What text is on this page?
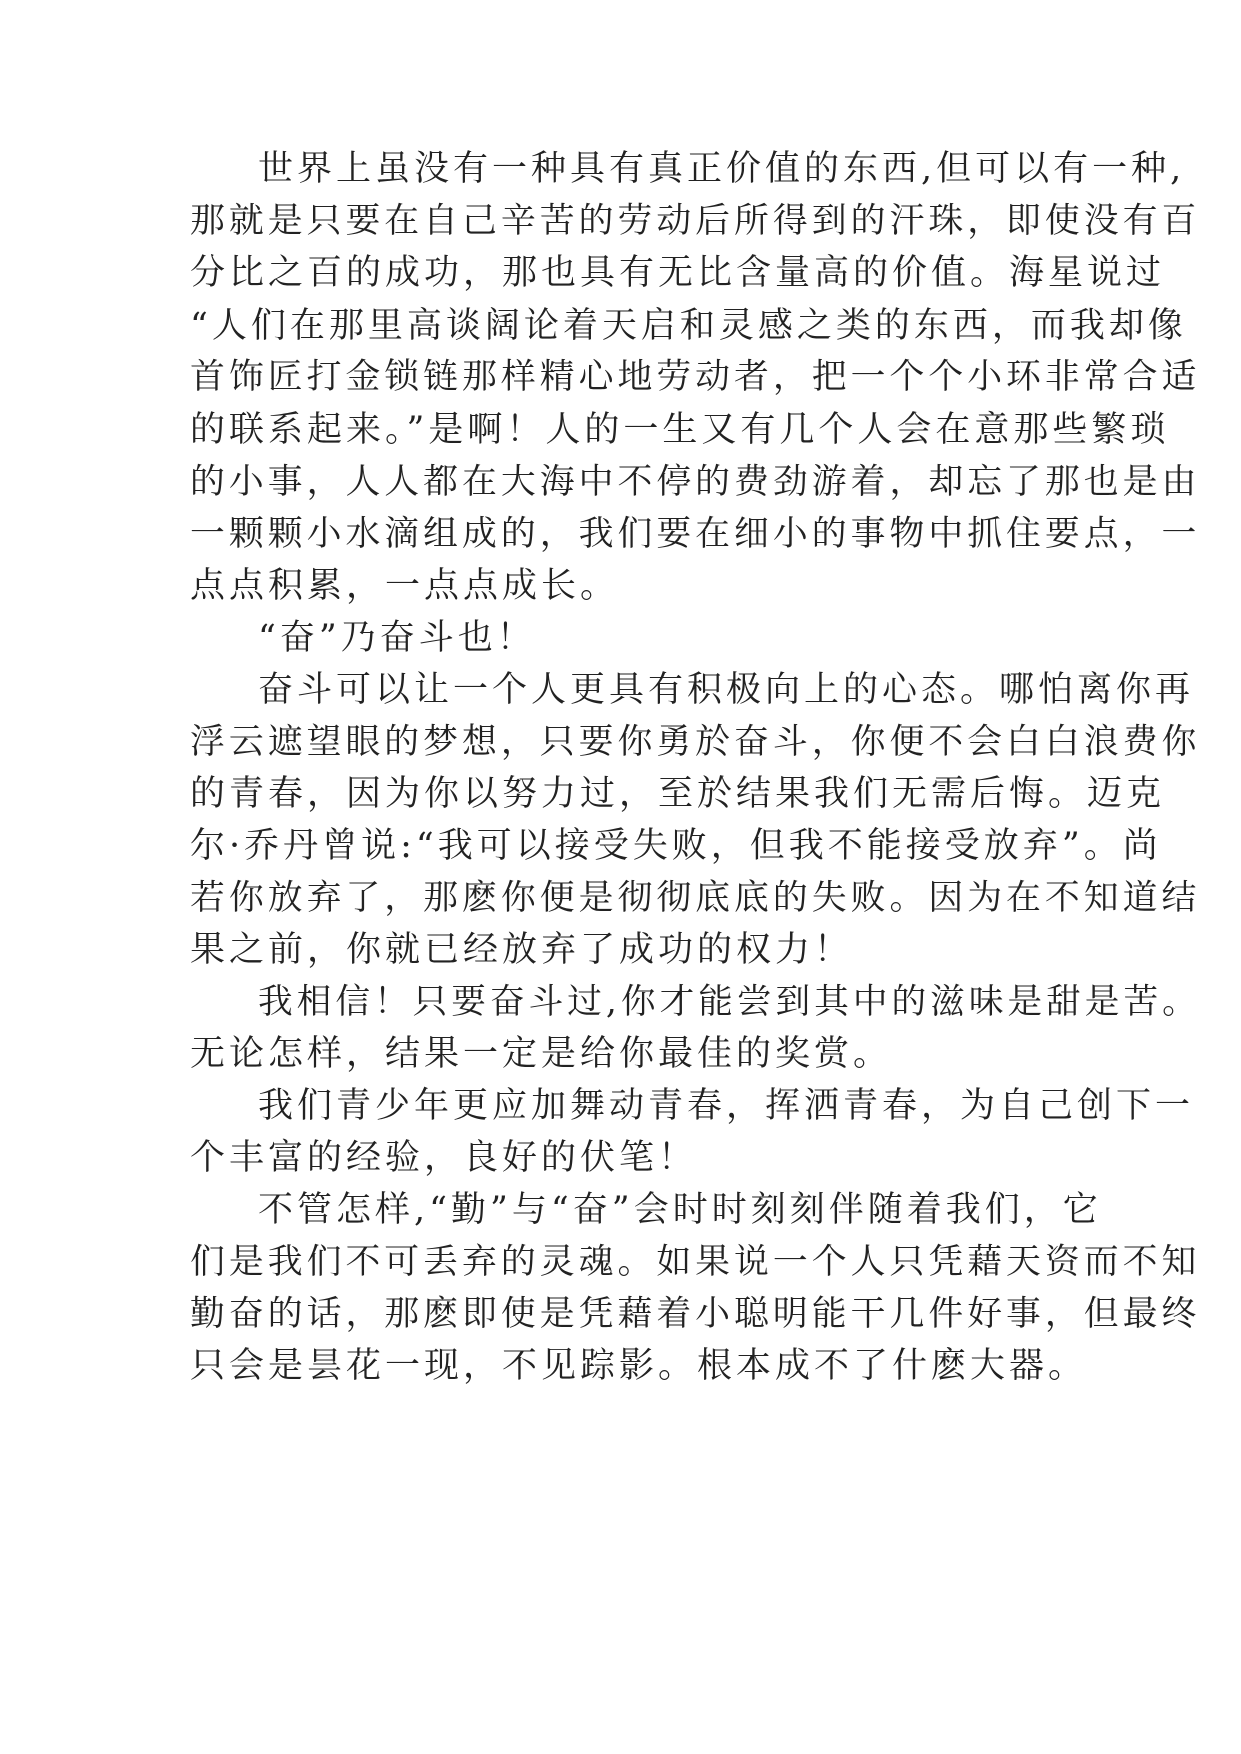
世界上虽没有一种具有真正价值的东西,但可以有一种,
那就是只要在自己辛苦的劳动后所得到的汗珠，即使没有百
分比之百的成功，那也具有无比含量高的价值。海星说过
“人们在那里高谈阔论着天启和灵感之类的东西，而我却像
首饰匠打金锁链那样精心地劳动者，把一个个小环非常合适
的联系起来。”是啊！人的一生又有几个人会在意那些繁琐
的小事，人人都在大海中不停的费劲游着，却忘了那也是由
一颗颗小水滴组成的，我们要在细小的事物中抓住要点，一
点点积累，一点点成长。
“奋”乃奋斗也！
奋斗可以让一个人更具有积极向上的心态。哪怕离你再
浮云遮望眼的梦想，只要你勇於奋斗，你便不会白白浪费你
的青春，因为你以努力过，至於结果我们无需后悔。迈克
尔·乔丹曾说:“我可以接受失败，但我不能接受放弃”。尚
若你放弃了，那麽你便是彻彻底底的失败。因为在不知道结
果之前，你就已经放弃了成功的权力！
我相信！只要奋斗过,你才能尝到其中的滋味是甜是苦。
无论怎样，结果一定是给你最佳的奖赏。
我们青少年更应加舞动青春，挥洒青春，为自己创下一
个丰富的经验，良好的伏笔！
不管怎样,“勤”与“奋”会时时刻刻伴随着我们，它
们是我们不可丢弃的灵魂。如果说一个人只凭藉天资而不知
勤奋的话，那麽即使是凭藉着小聪明能干几件好事，但最终
只会是昙花一现，不见踪影。根本成不了什麽大器。
